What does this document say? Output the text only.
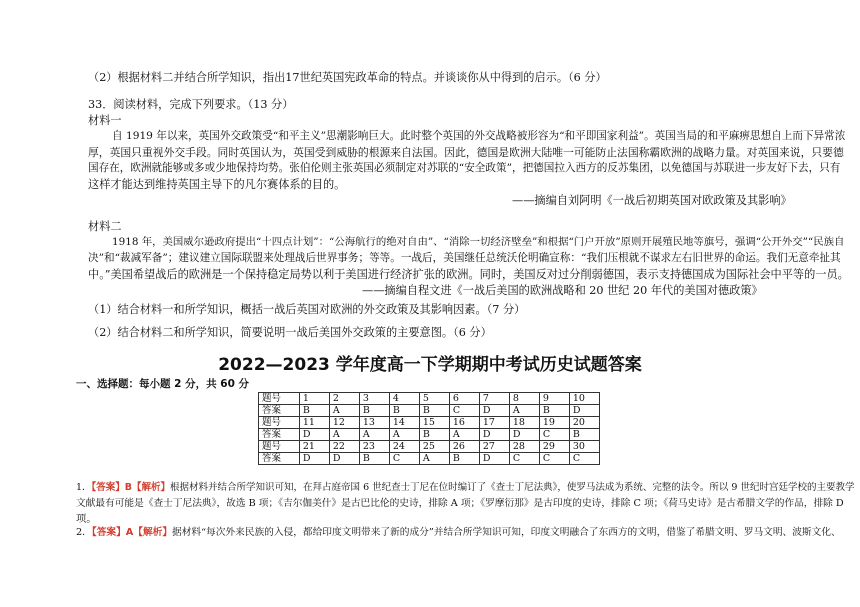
（2）根据材料二并结合所学知识，指出17世纪英国宪政革命的特点。并谈谈你从中得到的启示。（6 分）
33．阅读材料，完成下列要求。（13 分）
材料一
自 1919 年以来，英国外交政策受“和平主义”思潮影响巨大。此时整个英国的外交战略被形容为“和平即国家利益”。英国当局的和平麻痹思想自上而下异常浓
厚，英国只重视外交手段。同时英国认为，英国受到威胁的根源来自法国。因此，德国是欧洲大陆唯一可能防止法国称霸欧洲的战略力量。对英国来说，只要德
国存在，欧洲就能够或多或少地保持均势。张伯伦则主张英国必须制定对苏联的“安全政策”，把德国拉入西方的反苏集团，以免德国与苏联进一步友好下去，只有
这样才能达到维持英国主导下的凡尔赛体系的目的。
——摘编自刘阿明《一战后初期英国对欧政策及其影响》
材料二
1918 年，美国威尔逊政府提出“十四点计划”：“公海航行的绝对自由”、“消除一切经济壁垒”和根据“门户开放”原则开展殖民地等旗号，强调“公开外交”“民族自
决”和“裁减军备”；建议建立国际联盟来处理战后世界事务；等等。一战后，美国继任总统沃伦明确宣称：“我们压根就不谋求左右旧世界的命运。我们无意牵扯其
中。”美国希望战后的欧洲是一个保持稳定局势以利于美国进行经济扩张的欧洲。同时，美国反对过分削弱德国，表示支持德国成为国际社会中平等的一员。
——摘编自程文进《一战后美国的欧洲战略和 20 世纪 20 年代的美国对德政策》
（1）结合材料一和所学知识，概括一战后英国对欧洲的外交政策及其影响因素。（7 分）
（2）结合材料二和所学知识，简要说明一战后美国外交政策的主要意图。（6 分）
2022—2023 学年度高一下学期期中考试历史试题答案
一、选择题：每小题 2 分，共 60 分
题号	1	2	3	4	5	6	7	8	9	10
答案	B	A	B	B	B	C	D	A	B	D
题号	11	12	13	14	15	16	17	18	19	20
答案	D	A	A	A	B	A	D	D	C	B
题号	21	22	23	24	25	26	27	28	29	30
答案	D	D	B	C	A	B	D	C	C	C
1．【答案】B【解析】根据材料并结合所学知识可知，在拜占庭帝国 6 世纪查士丁尼在位时编订了《查士丁尼法典》，使罗马法成为系统、完整的法令。所以 9 世纪时宫廷学校的主要教学
文献最有可能是《查士丁尼法典》，故选 B 项；《吉尔伽美什》是古巴比伦的史诗，排除 A 项；《罗摩衍那》是古印度的史诗，排除 C 项；《荷马史诗》是古希腊文学的作品，排除 D
项。
2．【答案】A【解析】据材料“每次外来民族的入侵，都给印度文明带来了新的成分”并结合所学知识可知，印度文明融合了东西方的文明，借鉴了希腊文明、罗马文明、波斯文化、
